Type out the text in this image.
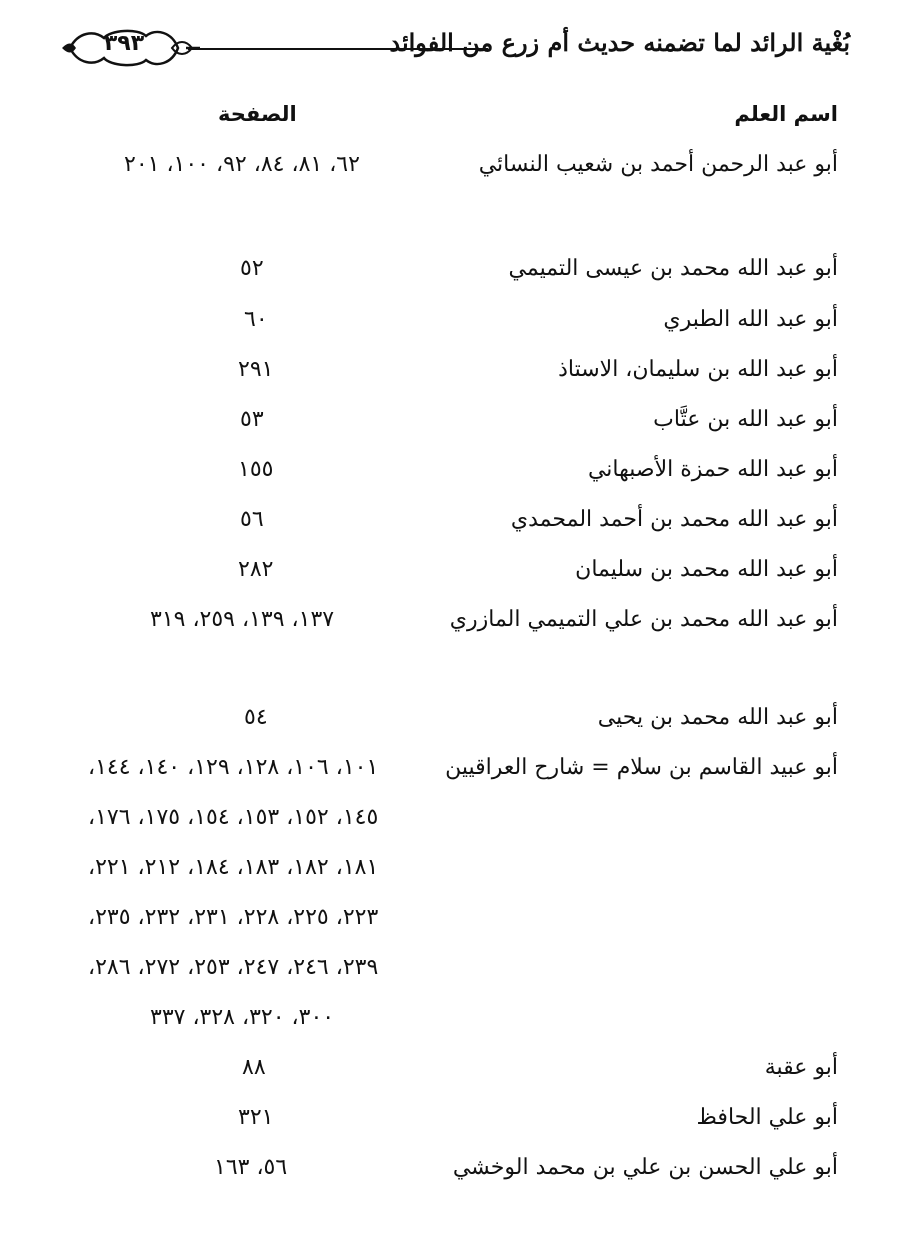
بُغْية الرائد لما تضمنه حديث أم زرع من الفوائد
٣٩٣
اسم العلم
الصفحة
أبو عبد الرحمن أحمد بن شعيب النسائي
٦٢، ٨١، ٨٤، ٩٢، ١٠٠، ٢٠١
أبو عبد الله محمد بن عيسى التميمي
٥٢
أبو عبد الله الطبري
٦٠
أبو عبد الله بن سليمان، الاستاذ
٢٩١
أبو عبد الله بن عتَّاب
٥٣
أبو عبد الله حمزة الأصبهاني
١٥٥
أبو عبد الله محمد بن أحمد المحمدي
٥٦
أبو عبد الله محمد بن سليمان
٢٨٢
أبو عبد الله محمد بن علي التميمي المازري
١٣٧، ١٣٩، ٢٥٩، ٣١٩
أبو عبد الله محمد بن يحيى
٥٤
أبو عبيد القاسم بن سلام = شارح العراقيين
١٠١، ١٠٦، ١٢٨، ١٢٩، ١٤٠، ١٤٤،
١٤٥، ١٥٢، ١٥٣، ١٥٤، ١٧٥، ١٧٦،
١٨١، ١٨٢، ١٨٣، ١٨٤، ٢١٢، ٢٢١،
٢٢٣، ٢٢٥، ٢٢٨، ٢٣١، ٢٣٢، ٢٣٥،
٢٣٩، ٢٤٦، ٢٤٧، ٢٥٣، ٢٧٢، ٢٨٦،
٣٠٠، ٣٢٠، ٣٢٨، ٣٣٧
أبو عقبة
٨٨
أبو علي الحافظ
٣٢١
أبو علي الحسن بن علي بن محمد الوخشي
٥٦، ١٦٣
